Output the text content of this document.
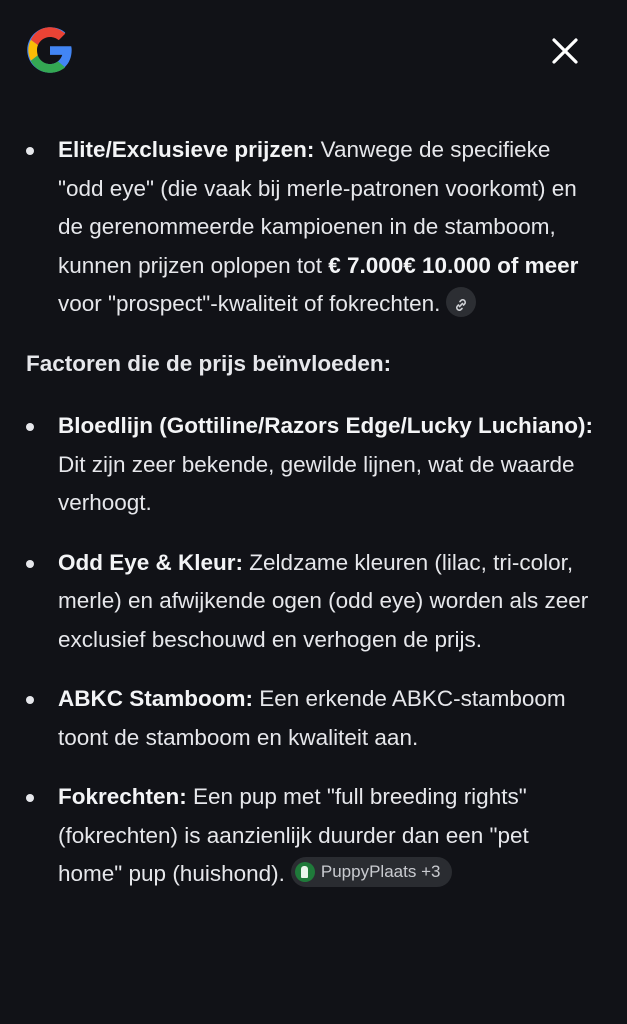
Elite/Exclusieve prijzen: Vanwege de specifieke "odd eye" (die vaak bij merle-patronen voorkomt) en de gerenommeerde kampioenen in de stamboom, kunnen prijzen oplopen tot € 7.000€ 10.000 of meer voor "prospect"-kwaliteit of fokrechten.
Factoren die de prijs beïnvloeden:
Bloedlijn (Gottiline/Razors Edge/Lucky Luchiano): Dit zijn zeer bekende, gewilde lijnen, wat de waarde verhoogt.
Odd Eye & Kleur: Zeldzame kleuren (lilac, tri-color, merle) en afwijkende ogen (odd eye) worden als zeer exclusief beschouwd en verhogen de prijs.
ABKC Stamboom: Een erkende ABKC-stamboom toont de stamboom en kwaliteit aan.
Fokrechten: Een pup met "full breeding rights" (fokrechten) is aanzienlijk duurder dan een "pet home" pup (huishond). PuppyPlaats +3
